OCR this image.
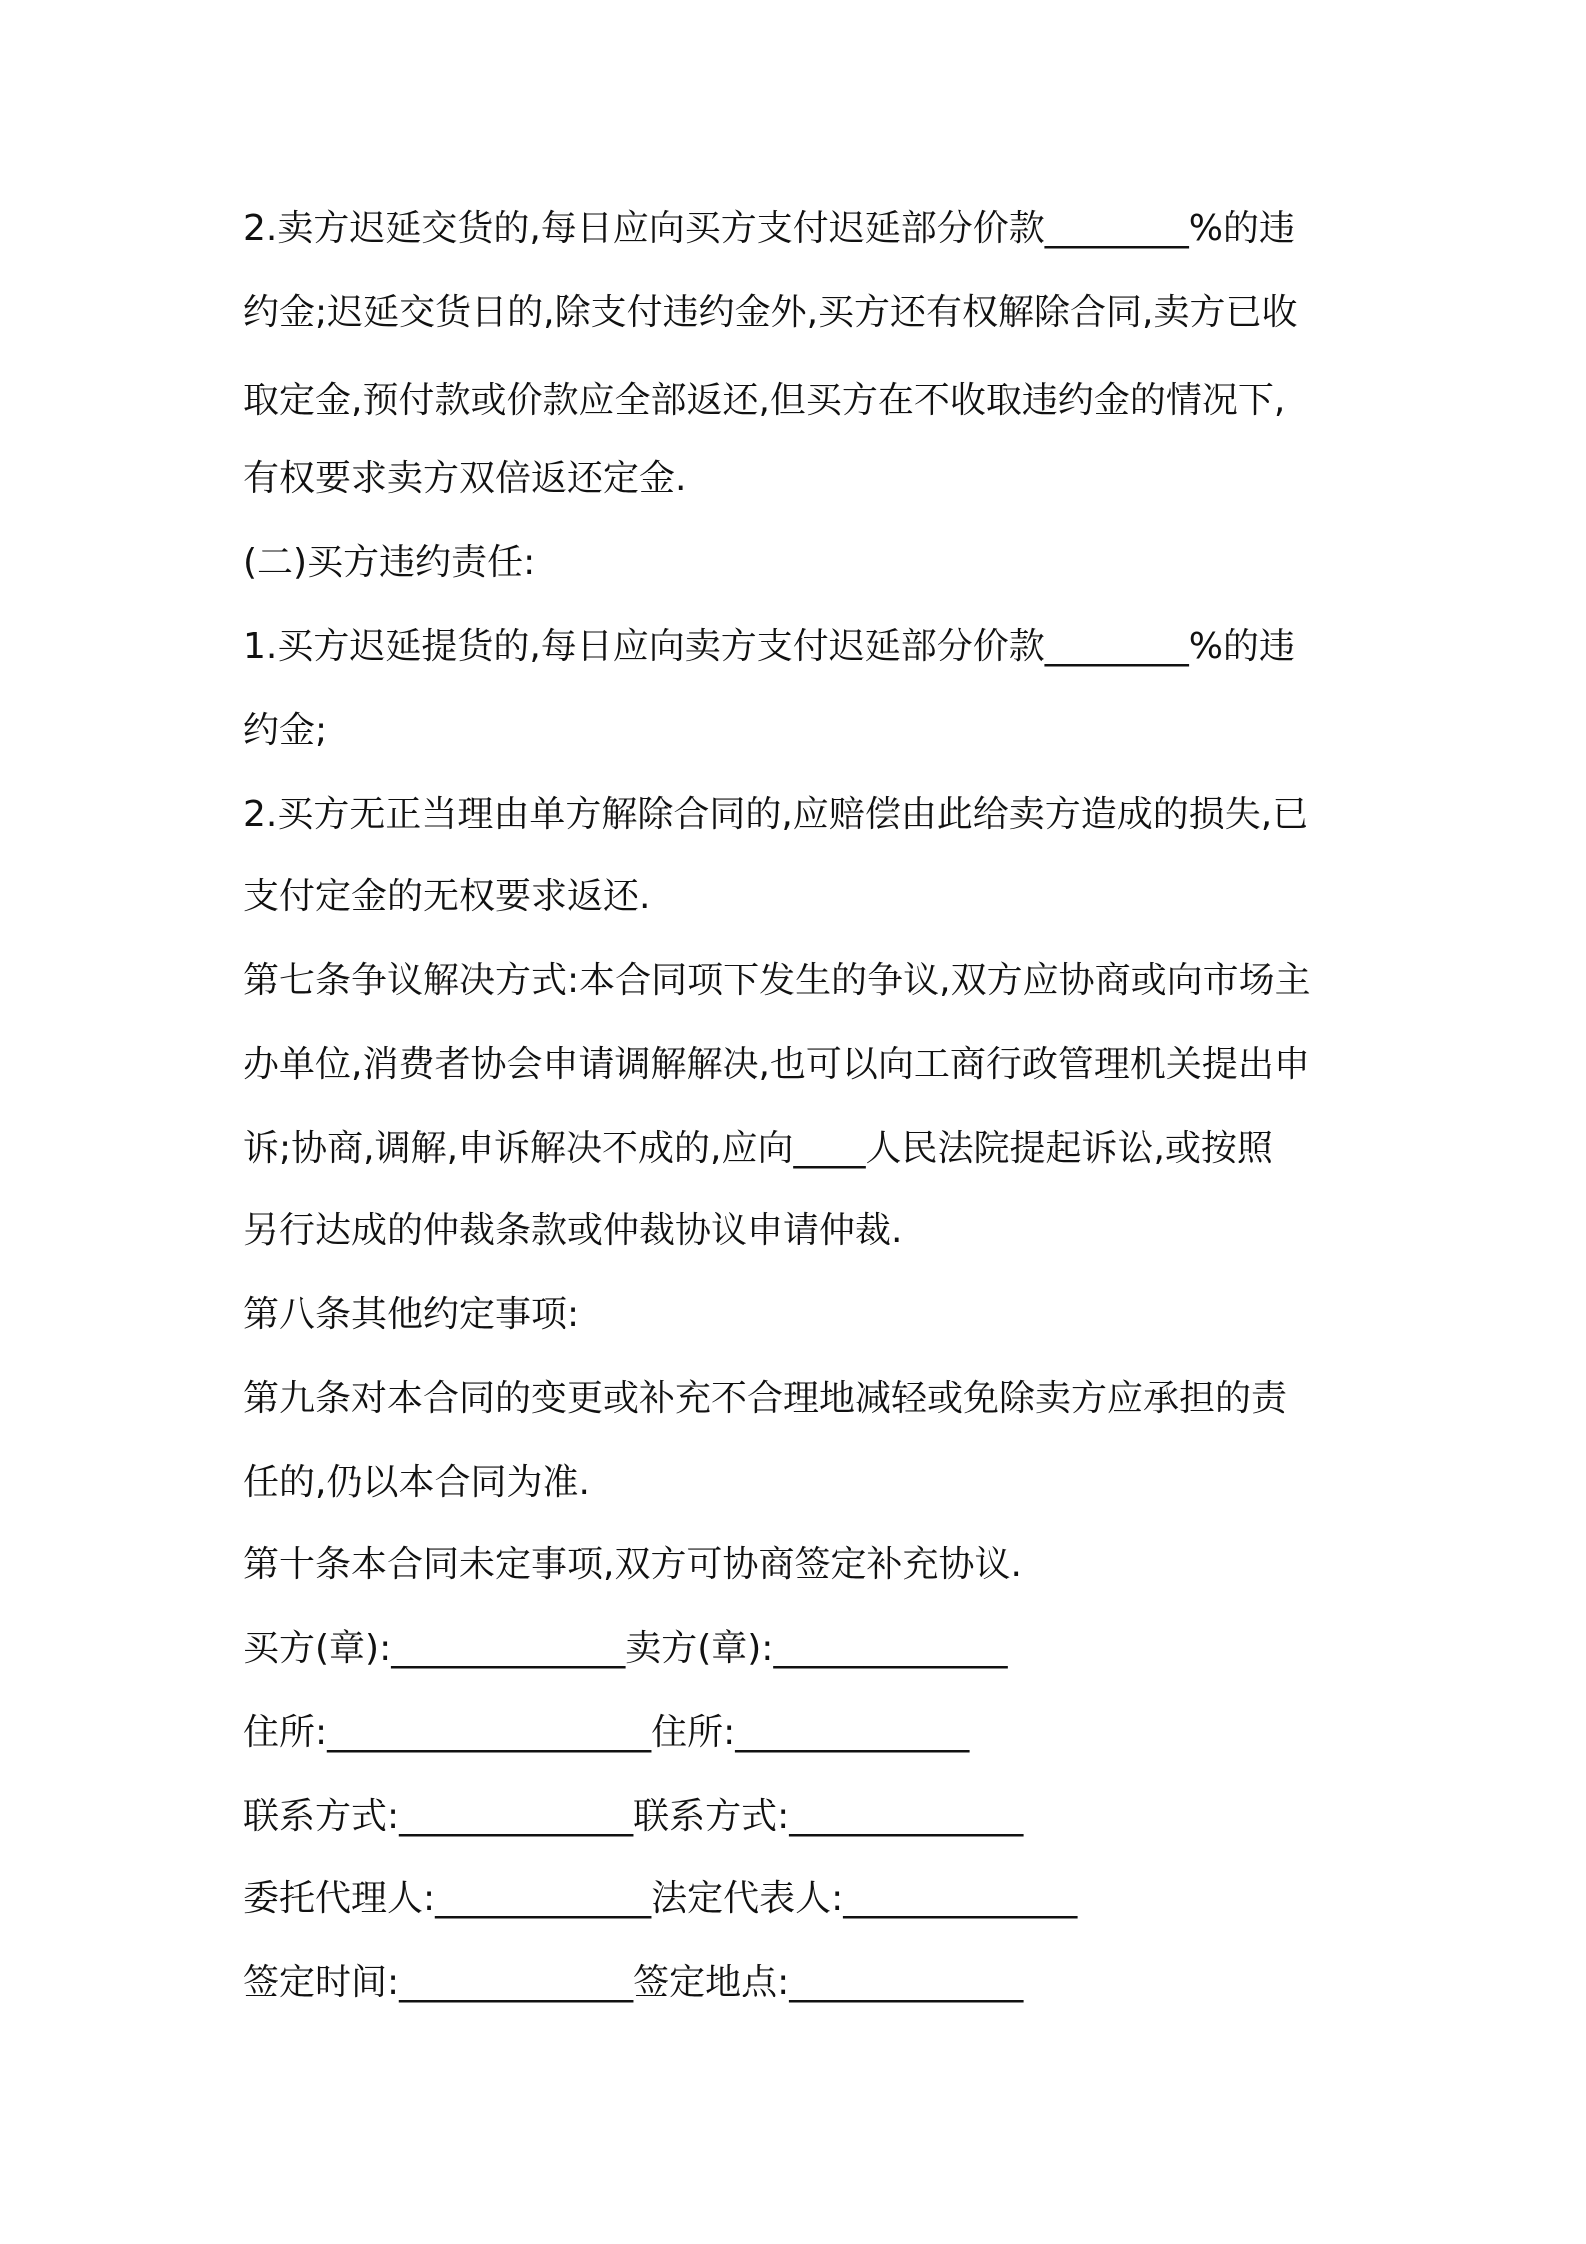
2.卖方迟延交货的,每日应向买方支付迟延部分价款________%的违
约金;迟延交货日的,除支付违约金外,买方还有权解除合同,卖方已收
取定金,预付款或价款应全部返还,但买方在不收取违约金的情况下,
有权要求卖方双倍返还定金.
(二)买方违约责任:
1.买方迟延提货的,每日应向卖方支付迟延部分价款________%的违
约金;
2.买方无正当理由单方解除合同的,应赔偿由此给卖方造成的损失,已
支付定金的无权要求返还.
第七条争议解决方式:本合同项下发生的争议,双方应协商或向市场主
办单位,消费者协会申请调解解决,也可以向工商行政管理机关提出申
诉;协商,调解,申诉解决不成的,应向____人民法院提起诉讼,或按照
另行达成的仲裁条款或仲裁协议申请仲裁.
第八条其他约定事项:
第九条对本合同的变更或补充不合理地减轻或免除卖方应承担的责
任的,仍以本合同为准.
第十条本合同未定事项,双方可协商签定补充协议.
买方(章):_____________卖方(章):_____________
住所:__________________住所:_____________
联系方式:_____________联系方式:_____________
委托代理人:____________法定代表人:_____________
签定时间:_____________签定地点:_____________
